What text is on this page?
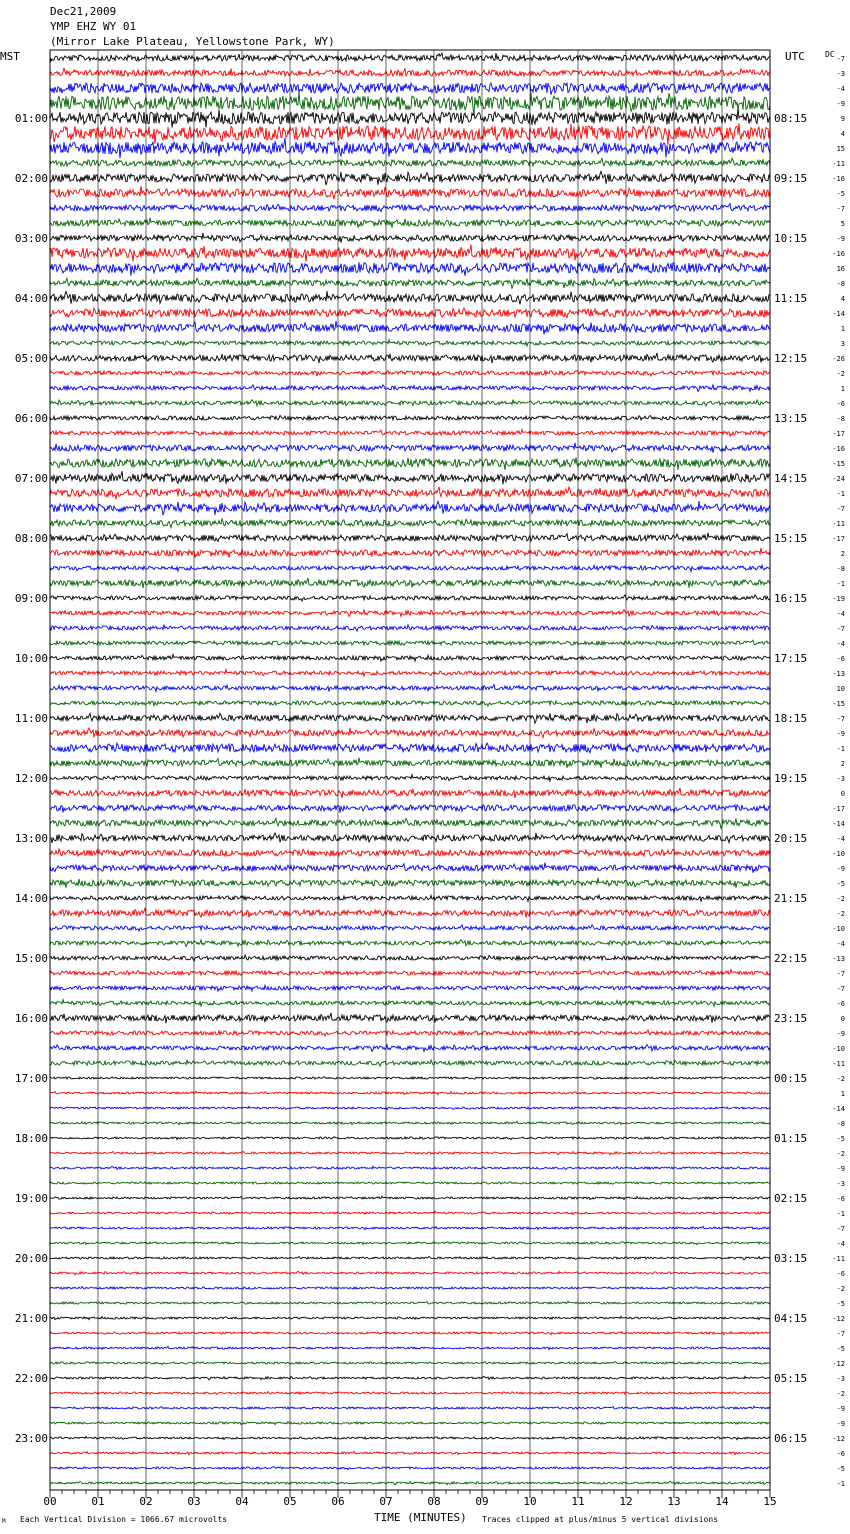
Dec21,2009
YMP EHZ WY 01
(Mirror Lake Plateau, Yellowstone Park, WY)
MST	UTC	DC
00	01	02	03	04	05	06	07	08	09	10	11	12	13	14	15
01:00
02:00
03:00
04:00
05:00
06:00
07:00
08:00
09:00
10:00
11:00
12:00
13:00
14:00
15:00
16:00
17:00
18:00
19:00
20:00
21:00
22:00
23:00
08:15
09:15
10:15
11:15
12:15
13:15
14:15
15:15
16:15
17:15
18:15
19:15
20:15
21:15
22:15
23:15
00:15
01:15
02:15
03:15
04:15
05:15
06:15
-7
-3
-4
-9
9
4
15
-11
-16
-5
-7
5
-9
-16
16
-8
4
-14
1
3
-26
-2
1
-6
-8
-17
-16
-15
-24
-1
-7
-11
-17
2
-8
-1
-19
-4
-7
-4
-6
-13
10
-15
-7
-9
-1
2
-3
0
-17
-14
-4
-10
-9
-5
-2
-2
-10
-4
-13
-7
-7
-6
0
-9
-10
-11
-2
1
-14
-8
-5
-2
-9
-3
-6
-1
-7
-4
-11
-6
-2
-5
-12
-7
-5
-12
-3
-2
-9
-9
-12
-6
-5
-1
Each Vertical Division = 1066.67 microvolts	TIME (MINUTES) Traces clipped at plus/minus 5 vertical divisions
M
